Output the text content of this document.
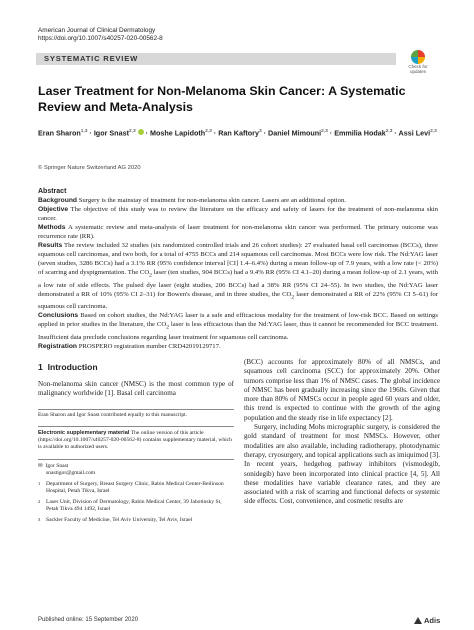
American Journal of Clinical Dermatology
https://doi.org/10.1007/s40257-020-00562-8
SYSTEMATIC REVIEW
Check for
updates
Laser Treatment for Non-Melanoma Skin Cancer: A Systematic Review and Meta-Analysis
Eran Sharon$^{1,3}$ · Igor Snast$^{2,3}$  · Moshe Lapidoth$^{2,3}$ · Ran Kaftory$^3$ · Daniel Mimouni$^{2,3}$ · Emmilia Hodak$^{2,3}$ · Assi Levi$^{2,3}$
© Springer Nature Switzerland AG 2020
Abstract

Background Surgery is the mainstay of treatment for non-melanoma skin cancer. Lasers are an additional option.

Objective The objective of this study was to review the literature on the efficacy and safety of lasers for the treatment of non-melanoma skin cancer.

Methods A systematic review and meta-analysis of laser treatment for non-melanoma skin cancer was performed. The primary outcome was recurrence rate (RR).

Results The review included 32 studies (six randomized controlled trials and 26 cohort studies): 27 evaluated basal cell carcinomas (BCCs), three squamous cell carcinomas, and two both, for a total of 4755 BCCs and 214 squamous cell carcinomas. Most BCCs were low risk. The Nd:YAG laser (seven studies, 3286 BCCs) had a 3.1% RR (95% confidence interval [CI] 1.4–6.4%) during a mean follow-up of 7.9 years, with a low rate (< 20%) of scarring and dyspigmentation. The $CO_2$ laser (ten studies, 904 BCCs) had a 9.4% RR (95% CI 4.1–20) during a mean follow-up of 2.1 years, with a low rate of side effects. The pulsed dye laser (eight studies, 206 BCCs) had a 38% RR (95% CI 24–55). In two studies, the Nd:YAG laser demonstrated a RR of 10% (95% CI 2–31) for Bowen's disease, and in three studies, the $CO_2$ laser demonstrated a RR of 22% (95% CI 5–61) for squamous cell carcinoma.

Conclusions Based on cohort studies, the Nd:YAG laser is a safe and efficacious modality for the treatment of low-risk BCC. Based on settings applied in prior studies in the literature, the $CO_2$ laser is less efficacious than the Nd:YAG laser, thus it cannot be recommended for BCC treatment. Insufficient data preclude conclusions regarding laser treatment for squamous cell carcinoma.

Registration PROSPERO registration number CRD42019129717.

1 Introduction
Non-melanoma skin cancer (NMSC) is the most common type of malignancy worldwide [1]. Basal cell carcinoma
Eran Sharon and Igor Snast contributed equally to this manuscript.
Electronic supplementary material The online version of this article (https://doi.org/10.1007/s40257-020-00562-8) contains supplementary material, which is available to authorized users.
✉ Igor Snast
snastigor@gmail.com
1 Department of Surgery, Breast Surgery Clinic, Rabin Medical Center-Beilinson Hospital, Petah Tikva, Israel
2 Laser Unit, Division of Dermatology, Rabin Medical Center, 39 Jabotinsky St, Petah Tikva 494 1492, Israel
3 Sackler Faculty of Medicine, Tel Aviv University, Tel Aviv, Israel
Published online: 15 September 2020

(BCC) accounts for approximately 80% of all NMSCs, and squamous cell carcinoma (SCC) for approximately 20%. Other tumors comprise less than 1% of NMSC cases. The global incidence of NMSC has been gradually increasing since the 1960s. Given that more than 80% of NMSCs occur in people aged 60 years and older, this trend is expected to continue with the growth of the aging population and the steady rise in life expectancy [2].

Surgery, including Mohs micrographic surgery, is considered the gold standard of treatment for most NMSCs. However, other modalities are also available, including radiotherapy, photodynamic therapy, cryosurgery, and topical applications such as imiquimod [3]. In recent years, hedgehog pathway inhibitors (vismodegib, sonidegib) have been incorporated into clinical practice [4, 5]. All these modalities have variable clearance rates, and they are associated with a risk of scarring and functional defects or systemic side effects. Cost, convenience, and cosmetic results are

Adis
